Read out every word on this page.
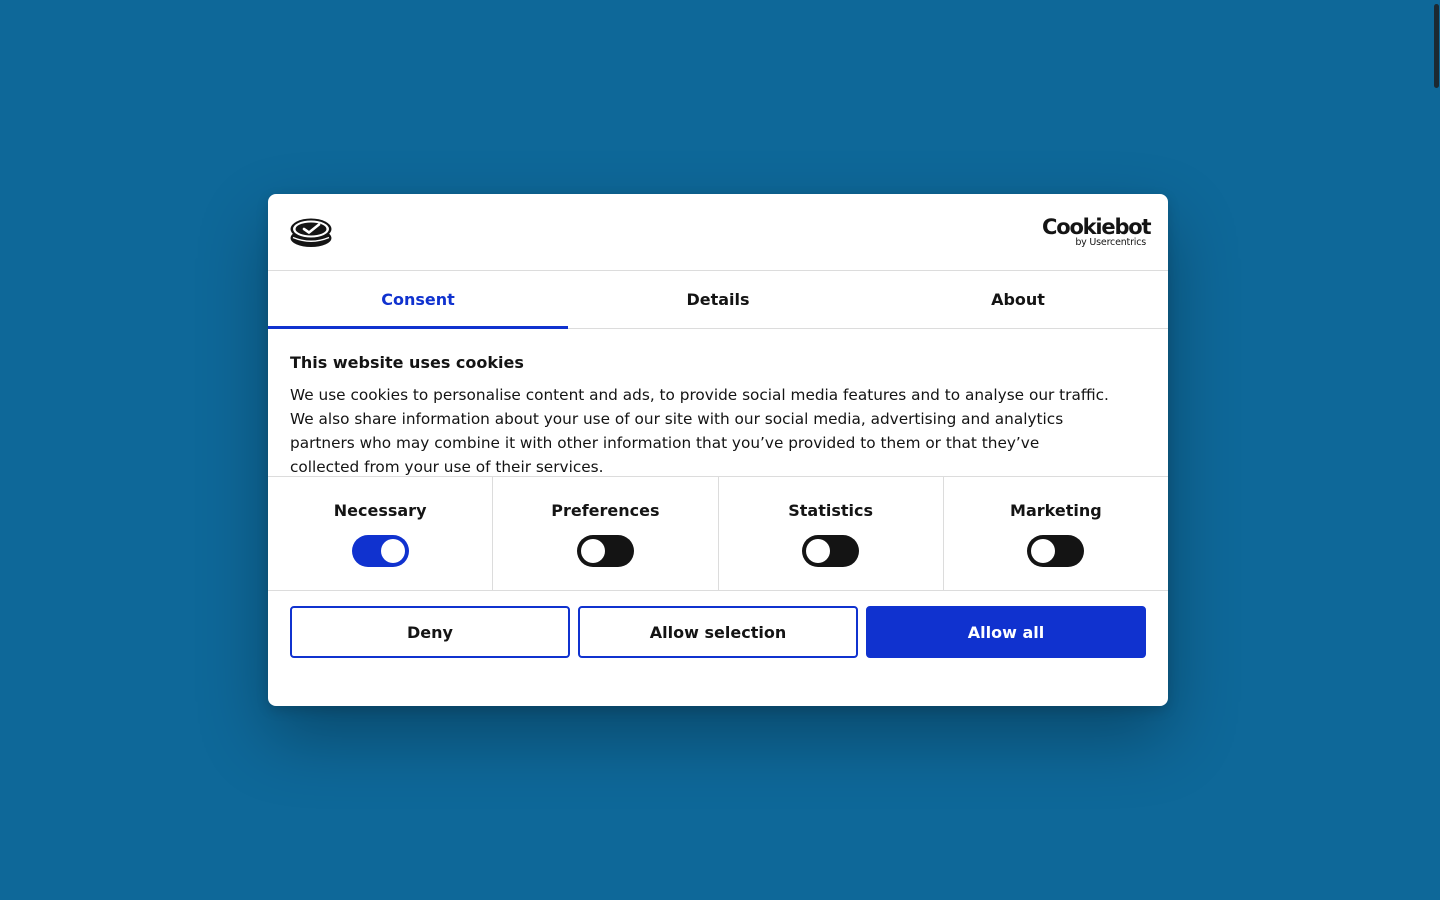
Cookiebot
by Usercentrics
Consent	Details	About
This website uses cookies

We use cookies to personalise content and ads, to provide social media features and to analyse our traffic. We also share information about your use of our site with our social media, advertising and analytics partners who may combine it with other information that you’ve provided to them or that they’ve collected from your use of their services.

Necessary	Preferences	Statistics	Marketing
Deny	Allow selection	Allow all
